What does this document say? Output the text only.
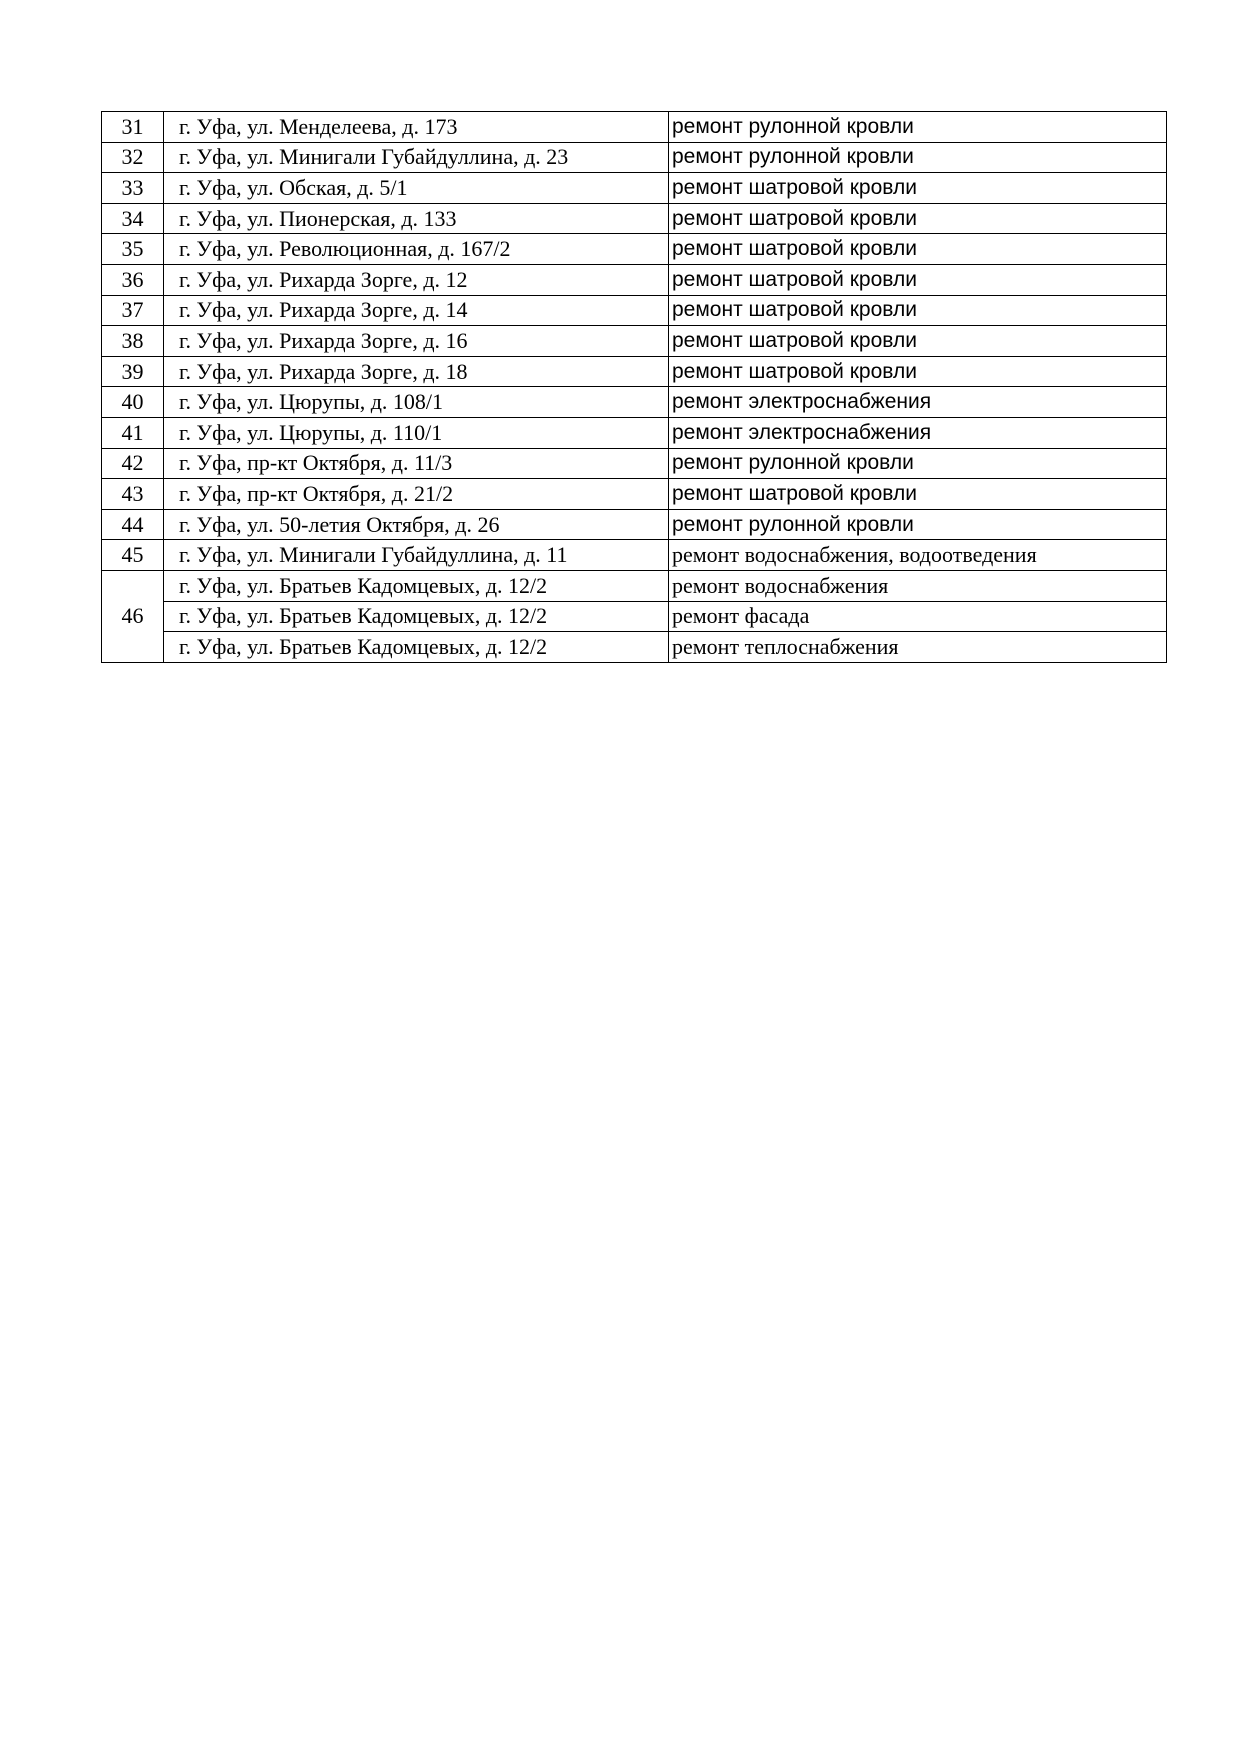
31	г. Уфа, ул. Менделеева, д. 173	ремонт рулонной кровли
32	г. Уфа, ул. Минигали Губайдуллина, д. 23	ремонт рулонной кровли
33	г. Уфа, ул. Обская, д. 5/1	ремонт шатровой кровли
34	г. Уфа, ул. Пионерская, д. 133	ремонт шатровой кровли
35	г. Уфа, ул. Революционная, д. 167/2	ремонт шатровой кровли
36	г. Уфа, ул. Рихарда Зорге, д. 12	ремонт шатровой кровли
37	г. Уфа, ул. Рихарда Зорге, д. 14	ремонт шатровой кровли
38	г. Уфа, ул. Рихарда Зорге, д. 16	ремонт шатровой кровли
39	г. Уфа, ул. Рихарда Зорге, д. 18	ремонт шатровой кровли
40	г. Уфа, ул. Цюрупы, д. 108/1	ремонт электроснабжения
41	г. Уфа, ул. Цюрупы, д. 110/1	ремонт электроснабжения
42	г. Уфа, пр-кт Октября, д. 11/3	ремонт рулонной кровли
43	г. Уфа, пр-кт Октября, д. 21/2	ремонт шатровой кровли
44	г. Уфа, ул. 50-летия Октября, д. 26	ремонт рулонной кровли
45	г. Уфа, ул. Минигали Губайдуллина, д. 11	ремонт водоснабжения, водоотведения
46	г. Уфа, ул. Братьев Кадомцевых, д. 12/2	ремонт водоснабжения
	г. Уфа, ул. Братьев Кадомцевых, д. 12/2	ремонт фасада
	г. Уфа, ул. Братьев Кадомцевых, д. 12/2	ремонт теплоснабжения
